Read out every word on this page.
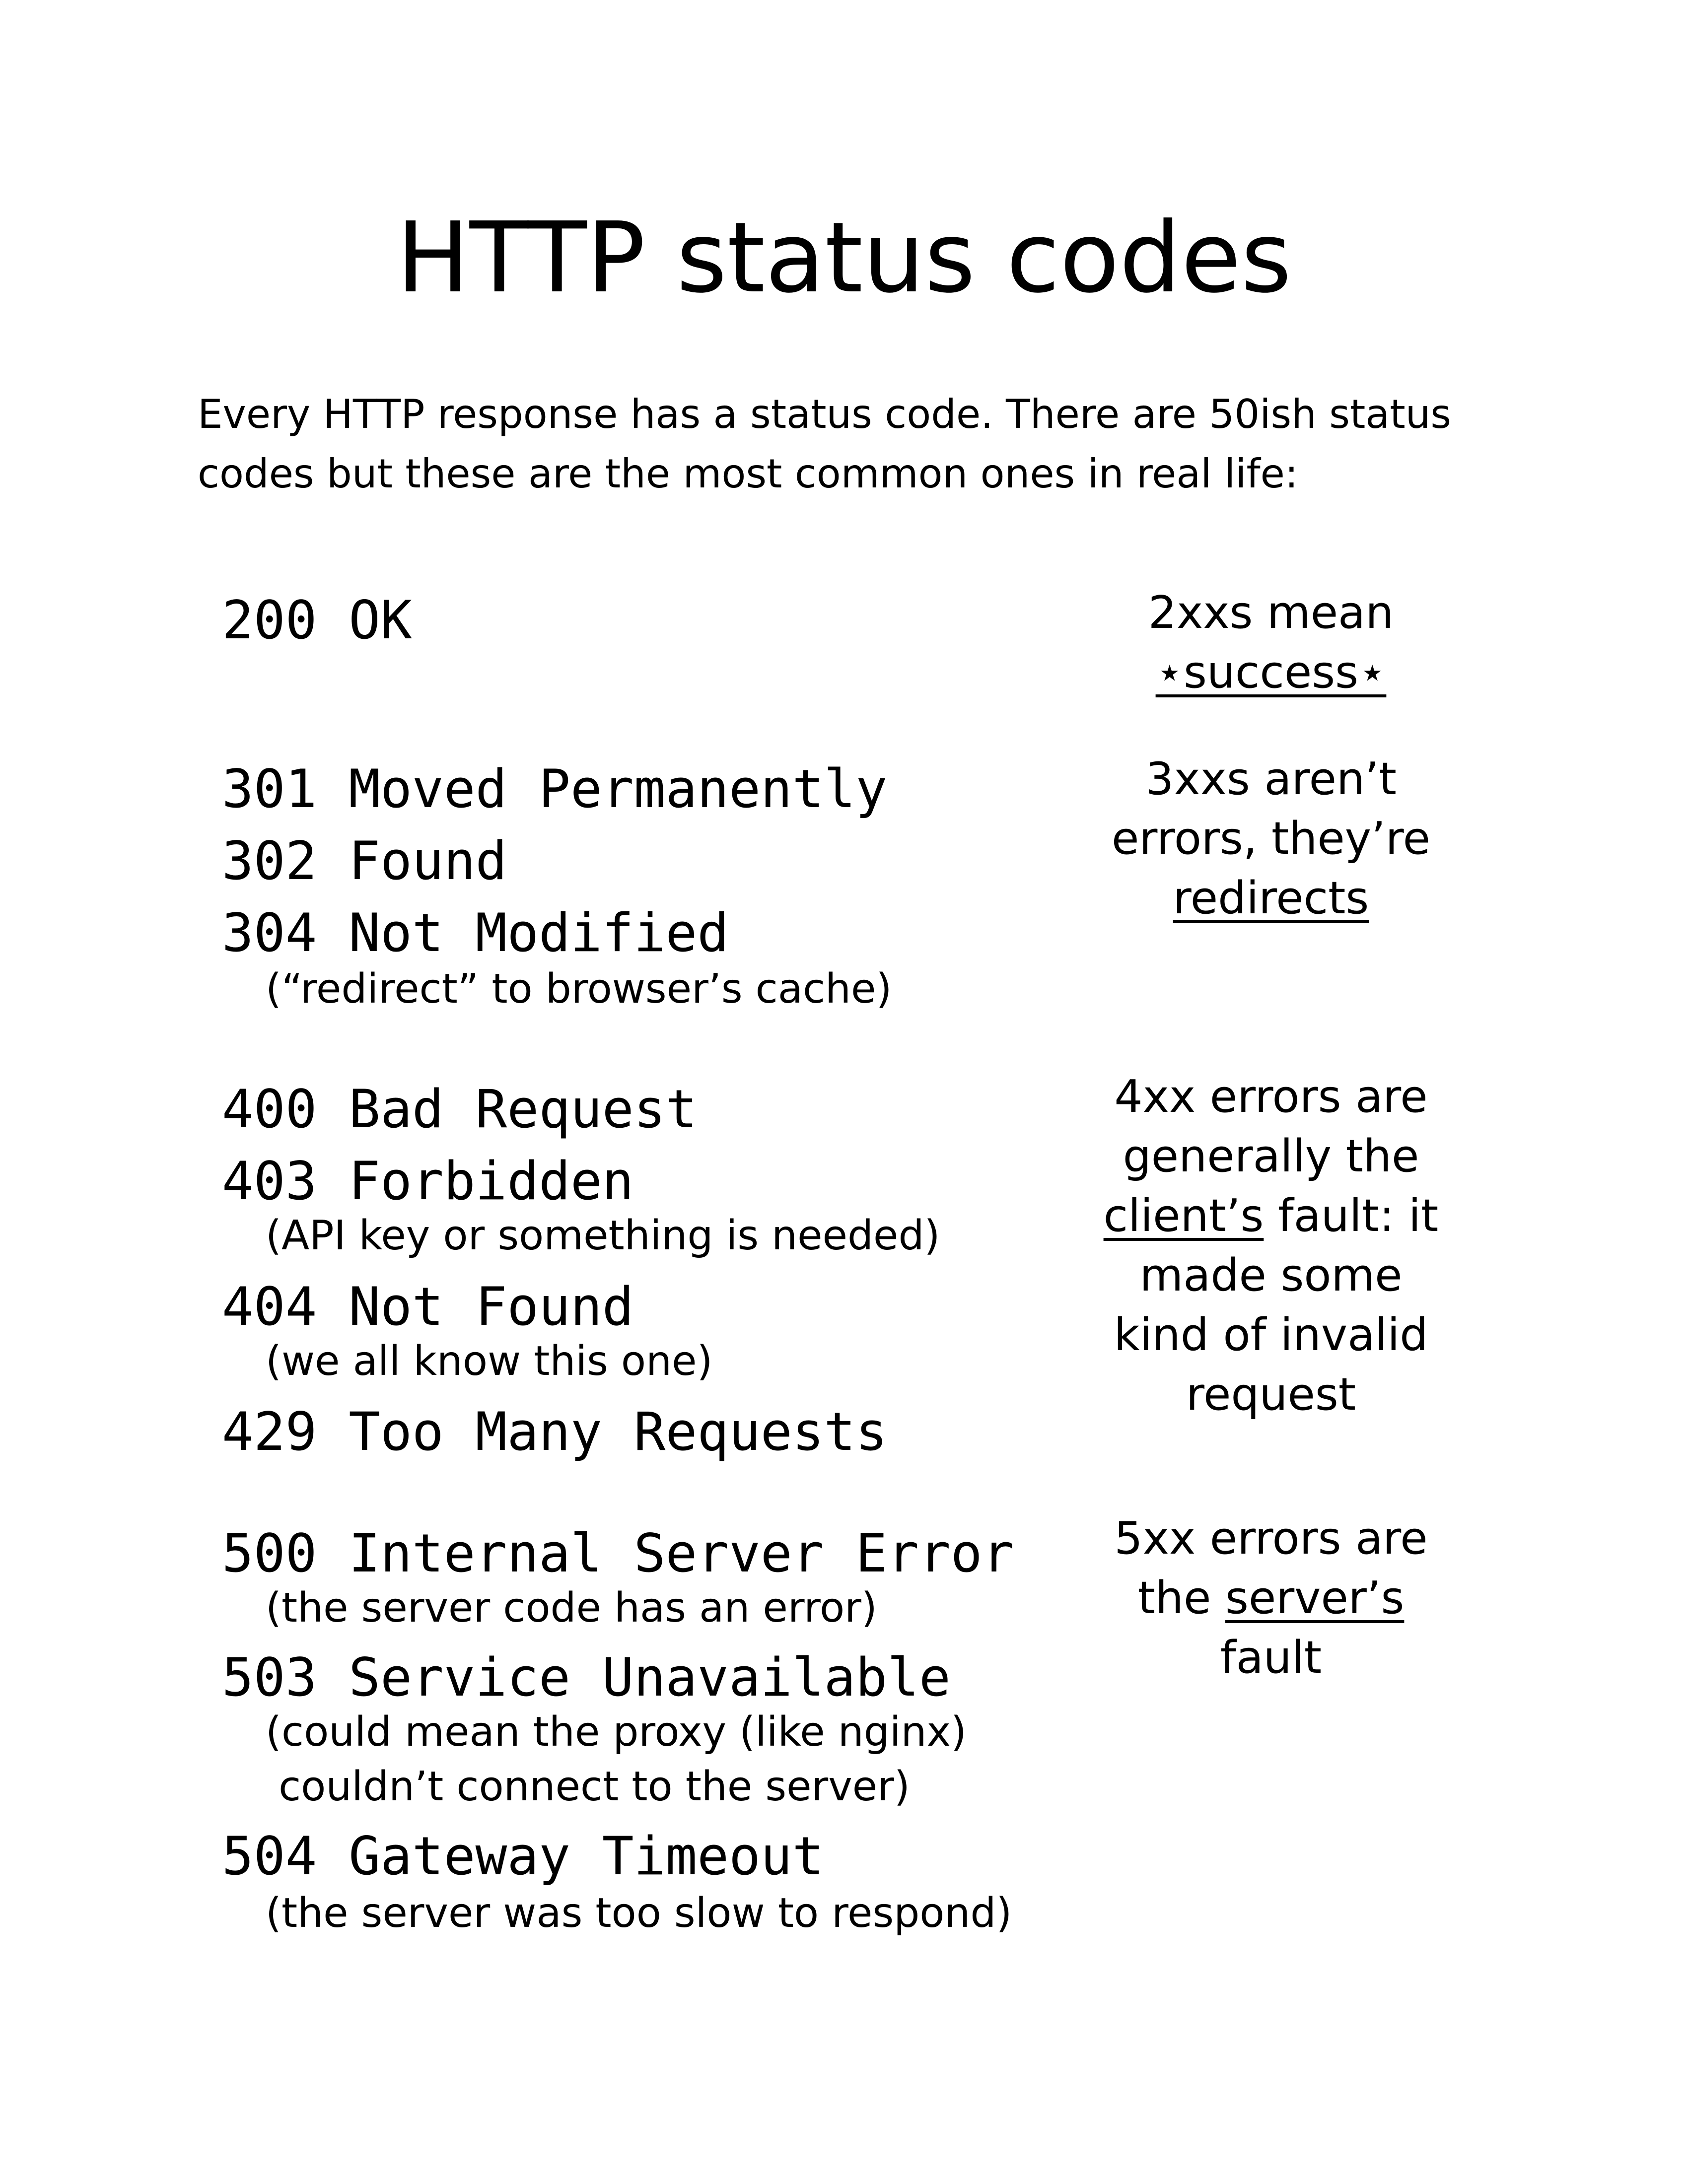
HTTP status codes
Every HTTP response has a status code. There are 50ish status
codes but these are the most common ones in real life:
200 OK
301 Moved Permanently
302 Found
304 Not Modified
(“redirect” to browser’s cache)
400 Bad Request
403 Forbidden
(API key or something is needed)
404 Not Found
(we all know this one)
429 Too Many Requests
500 Internal Server Error
(the server code has an error)
503 Service Unavailable
(could mean the proxy (like nginx)
couldn’t connect to the server)
504 Gateway Timeout
(the server was too slow to respond)
2xxs mean
⋆success⋆
3xxs aren’t
errors, they’re
redirects
4xx errors are
generally the
client’s fault: it
made some
kind of invalid
request
5xx errors are
the server’s
fault
